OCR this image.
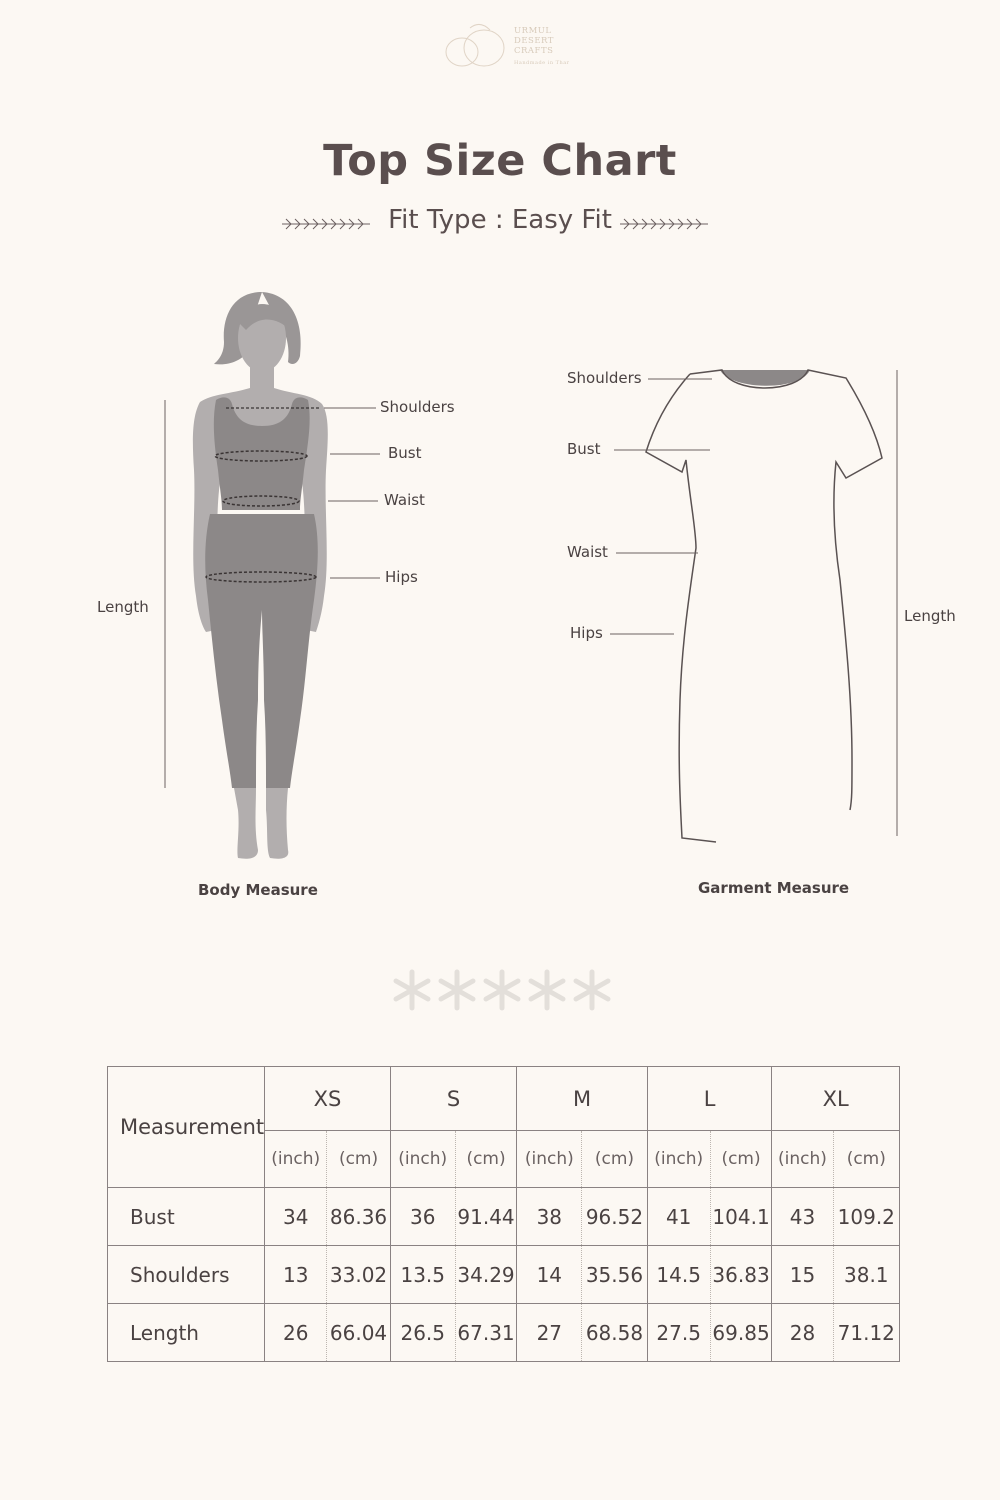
URMUL
DESERT
CRAFTS
Handmade in Thar
Top Size Chart
Fit Type : Easy Fit
Shoulders
Bust
Waist
Hips
Length
Body Measure
Shoulders
Bust
Waist
Hips
Length
Garment Measure
Measurement	XS		S		M		L		XL	
	(inch)	(cm)	(inch)	(cm)	(inch)	(cm)	(inch)	(cm)	(inch)	(cm)
Bust	34	86.36	36	91.44	38	96.52	41	104.1	43	109.2
Shoulders	13	33.02	13.5	34.29	14	35.56	14.5	36.83	15	38.1
Length	26	66.04	26.5	67.31	27	68.58	27.5	69.85	28	71.12
